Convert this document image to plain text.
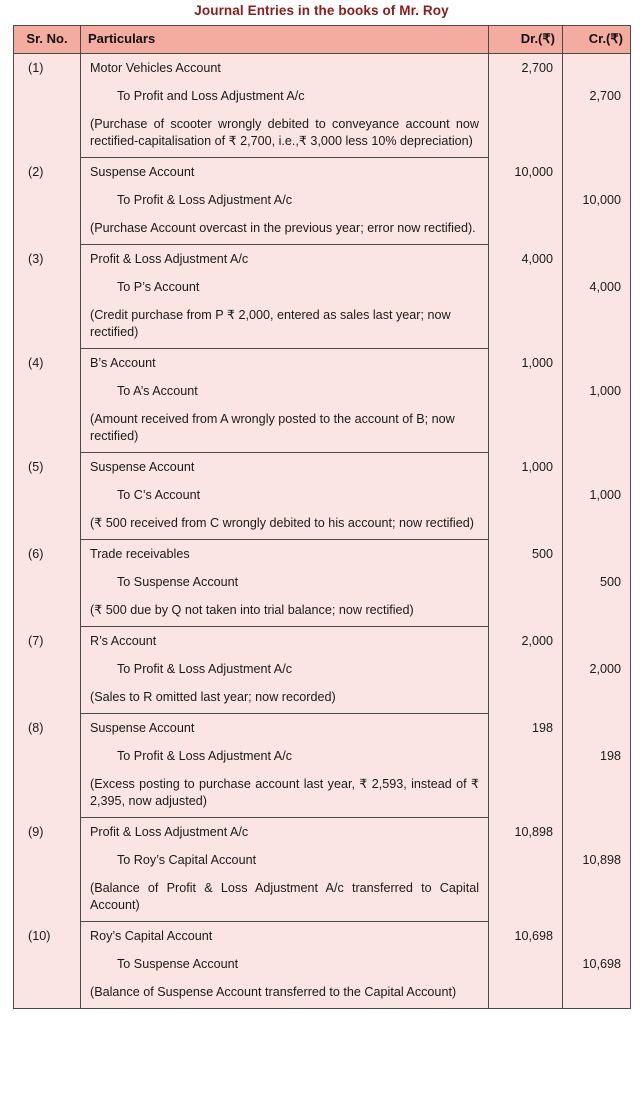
Journal Entries in the books of Mr. Roy
Sr. No.	Particulars	Dr.(₹)	Cr.(₹)
(1)	Motor Vehicles Account
To Profit and Loss Adjustment A/c
(Purchase of scooter wrongly debited to conveyance account now rectified-capitalisation of ₹ 2,700, i.e.,₹ 3,000 less 10% depreciation)	2,700	2,700

(2)	Suspense Account
To Profit & Loss Adjustment A/c
(Purchase Account overcast in the previous year; error now rectified).	10,000	10,000

(3)	Profit & Loss Adjustment A/c
To P’s Account
(Credit purchase from P ₹ 2,000, entered as sales last year; now rectified)	4,000	4,000

(4)	B’s Account
To A’s Account
(Amount received from A wrongly posted to the account of B; now rectified)	1,000	1,000

(5)	Suspense Account
To C’s Account
(₹ 500 received from C wrongly debited to his account; now rectified)	1,000	1,000

(6)	Trade receivables
To Suspense Account
(₹ 500 due by Q not taken into trial balance; now rectified)	500	500

(7)	R’s Account
To Profit & Loss Adjustment A/c
(Sales to R omitted last year; now recorded)	2,000	2,000

(8)	Suspense Account
To Profit & Loss Adjustment A/c
(Excess posting to purchase account last year, ₹ 2,593, instead of ₹ 2,395, now adjusted)	198	198

(9)	Profit & Loss Adjustment A/c
To Roy’s Capital Account
(Balance of Profit & Loss Adjustment A/c transferred to Capital Account)	10,898	10,898

(10)	Roy’s Capital Account
To Suspense Account
(Balance of Suspense Account transferred to the Capital Account)	10,698	10,698
